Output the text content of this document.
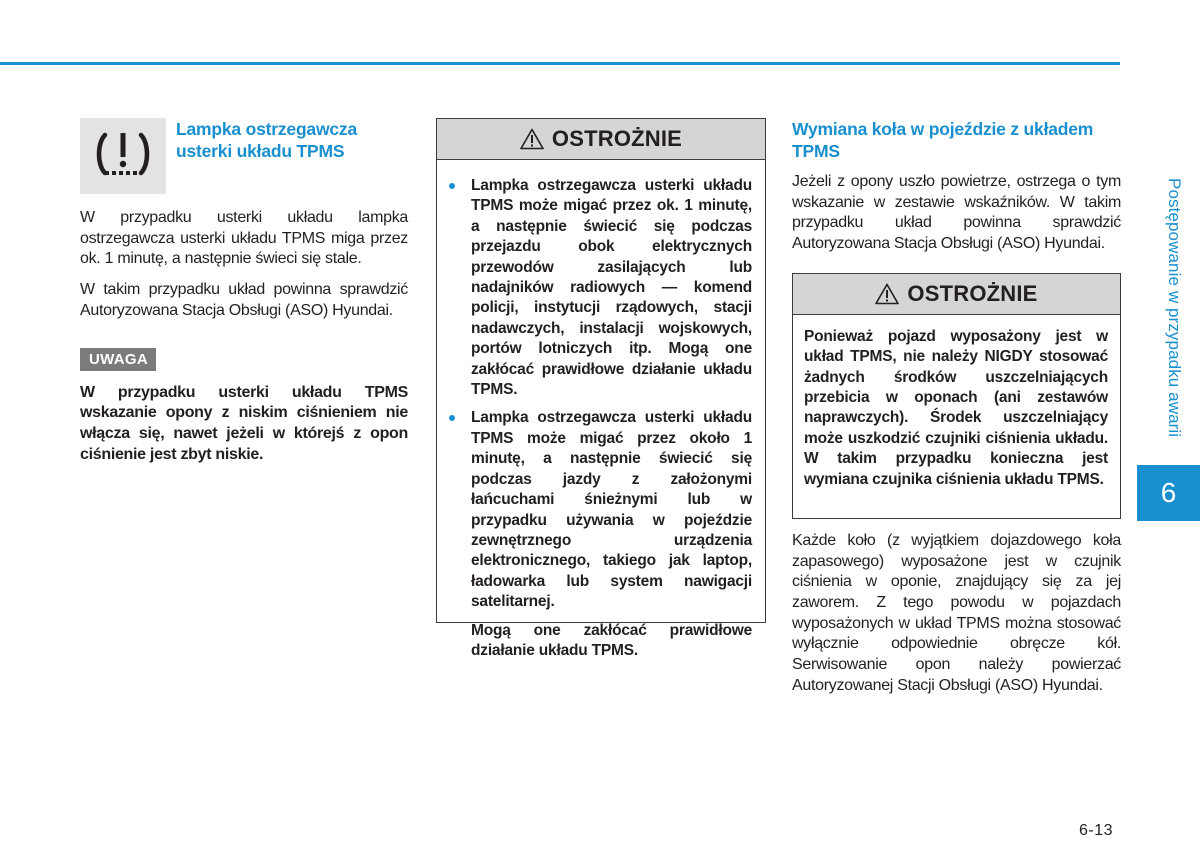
Lampka ostrzegawcza usterki układu TPMS

W przypadku usterki układu lampka ostrzegawcza usterki układu TPMS miga przez ok. 1 minutę, a następnie świeci się stale.

W takim przypadku układ powinna sprawdzić Autoryzowana Stacja Obsługi (ASO) Hyundai.

UWAGA

W przypadku usterki układu TPMS wskazanie opony z niskim ciśnieniem nie włącza się, nawet jeżeli w którejś z opon ciśnienie jest zbyt niskie.

OSTROŻNIE

Lampka ostrzegawcza usterki układu TPMS może migać przez ok. 1 minutę, a następnie świecić się podczas przejazdu obok elektrycznych przewodów zasilających lub nadajników radiowych — komend policji, instytucji rządowych, stacji nadawczych, instalacji wojskowych, portów lotniczych itp. Mogą one zakłócać prawidłowe działanie układu TPMS.

Lampka ostrzegawcza usterki układu TPMS może migać przez około 1 minutę, a następnie świecić się podczas jazdy z założonymi łańcuchami śnieżnymi lub w przypadku używania w pojeździe zewnętrznego urządzenia elektronicznego, takiego jak laptop, ładowarka lub system nawigacji satelitarnej.

Mogą one zakłócać prawidłowe działanie układu TPMS.

Wymiana koła w pojeździe z układem TPMS

Jeżeli z opony uszło powietrze, ostrzega o tym wskazanie w zestawie wskaźników. W takim przypadku układ powinna sprawdzić Autoryzowana Stacja Obsługi (ASO) Hyundai.

OSTROŻNIE

Ponieważ pojazd wyposażony jest w układ TPMS, nie należy NIGDY stosować żadnych środków uszczelniających przebicia w oponach (ani zestawów naprawczych). Środek uszczelniający może uszkodzić czujniki ciśnienia układu. W takim przypadku konieczna jest wymiana czujnika ciśnienia układu TPMS.

Każde koło (z wyjątkiem dojazdowego koła zapasowego) wyposażone jest w czujnik ciśnienia w oponie, znajdujący się za jej zaworem. Z tego powodu w pojazdach wyposażonych w układ TPMS można stosować wyłącznie odpowiednie obręcze kół. Serwisowanie opon należy powierzać Autoryzowanej Stacji Obsługi (ASO) Hyundai.

Postępowanie w przypadku awarii
6
6-13
